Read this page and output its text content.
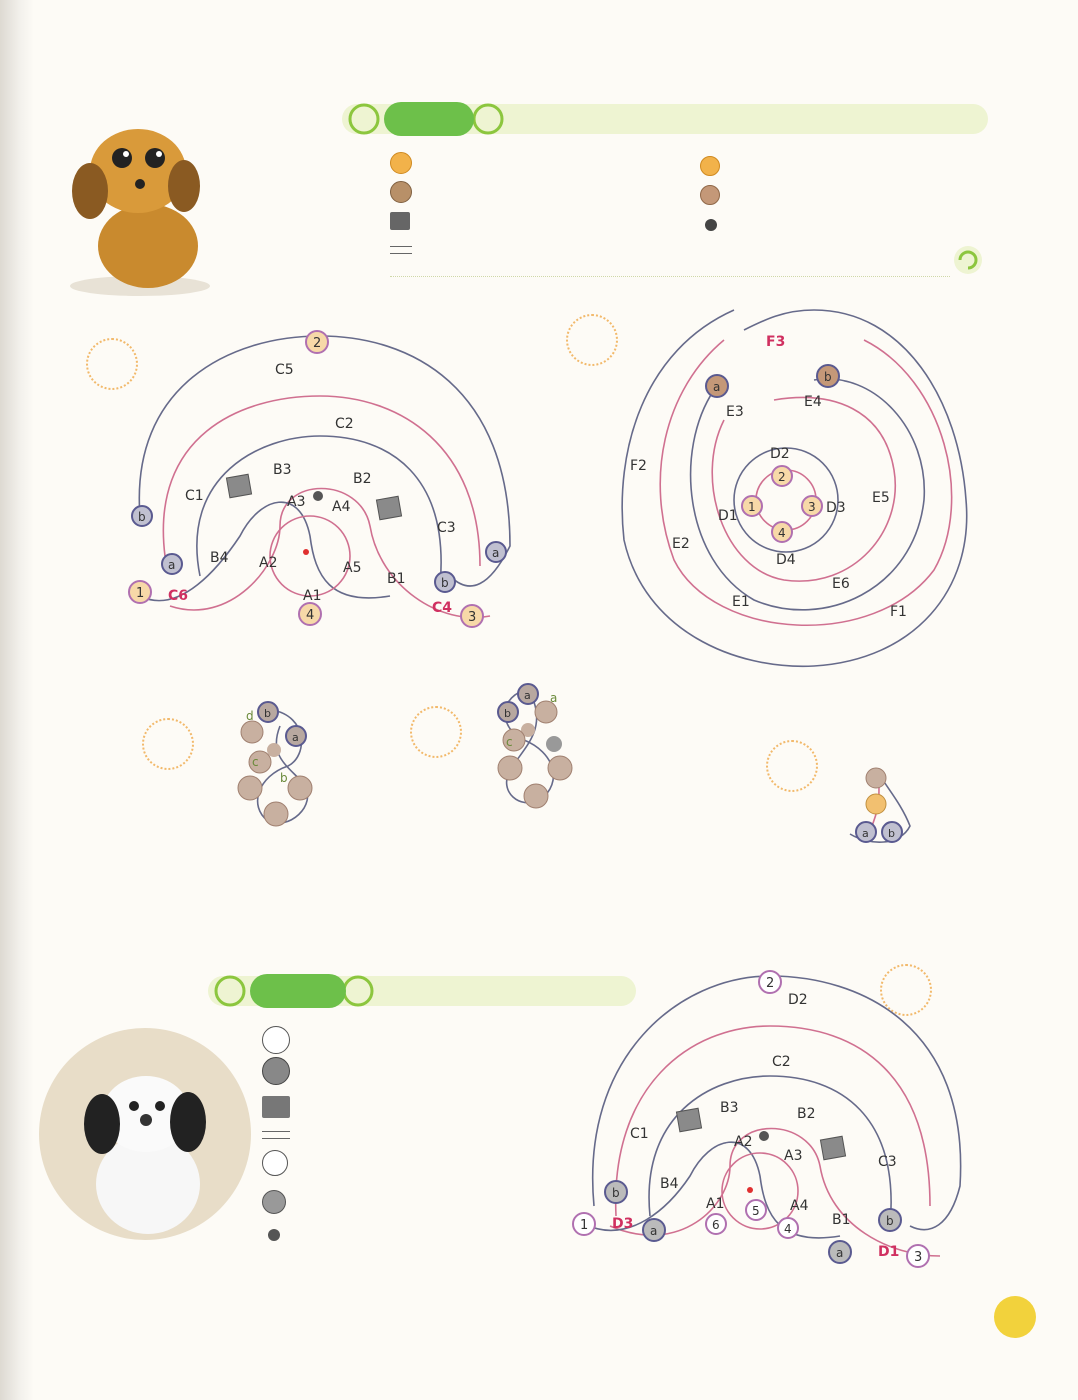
2
4	3
1
b
a
b
a
C5
C2
B3
B2
C1	A3 A4
C3
B4 A2	A5
B1
A1
C6
C4
a
b
2
3
4
1
F3
E3
E4
D2
F2
E5
D1	D3
E2
D4
E6
E1
F1
b
a
d
c
b
a
b
a
c
a b
2
6
5
4
3
1
b
a
b
a
D2
C2
B3	B2
C1	A2
A3	C3
B4
A1	A4
B1
D3
D1
